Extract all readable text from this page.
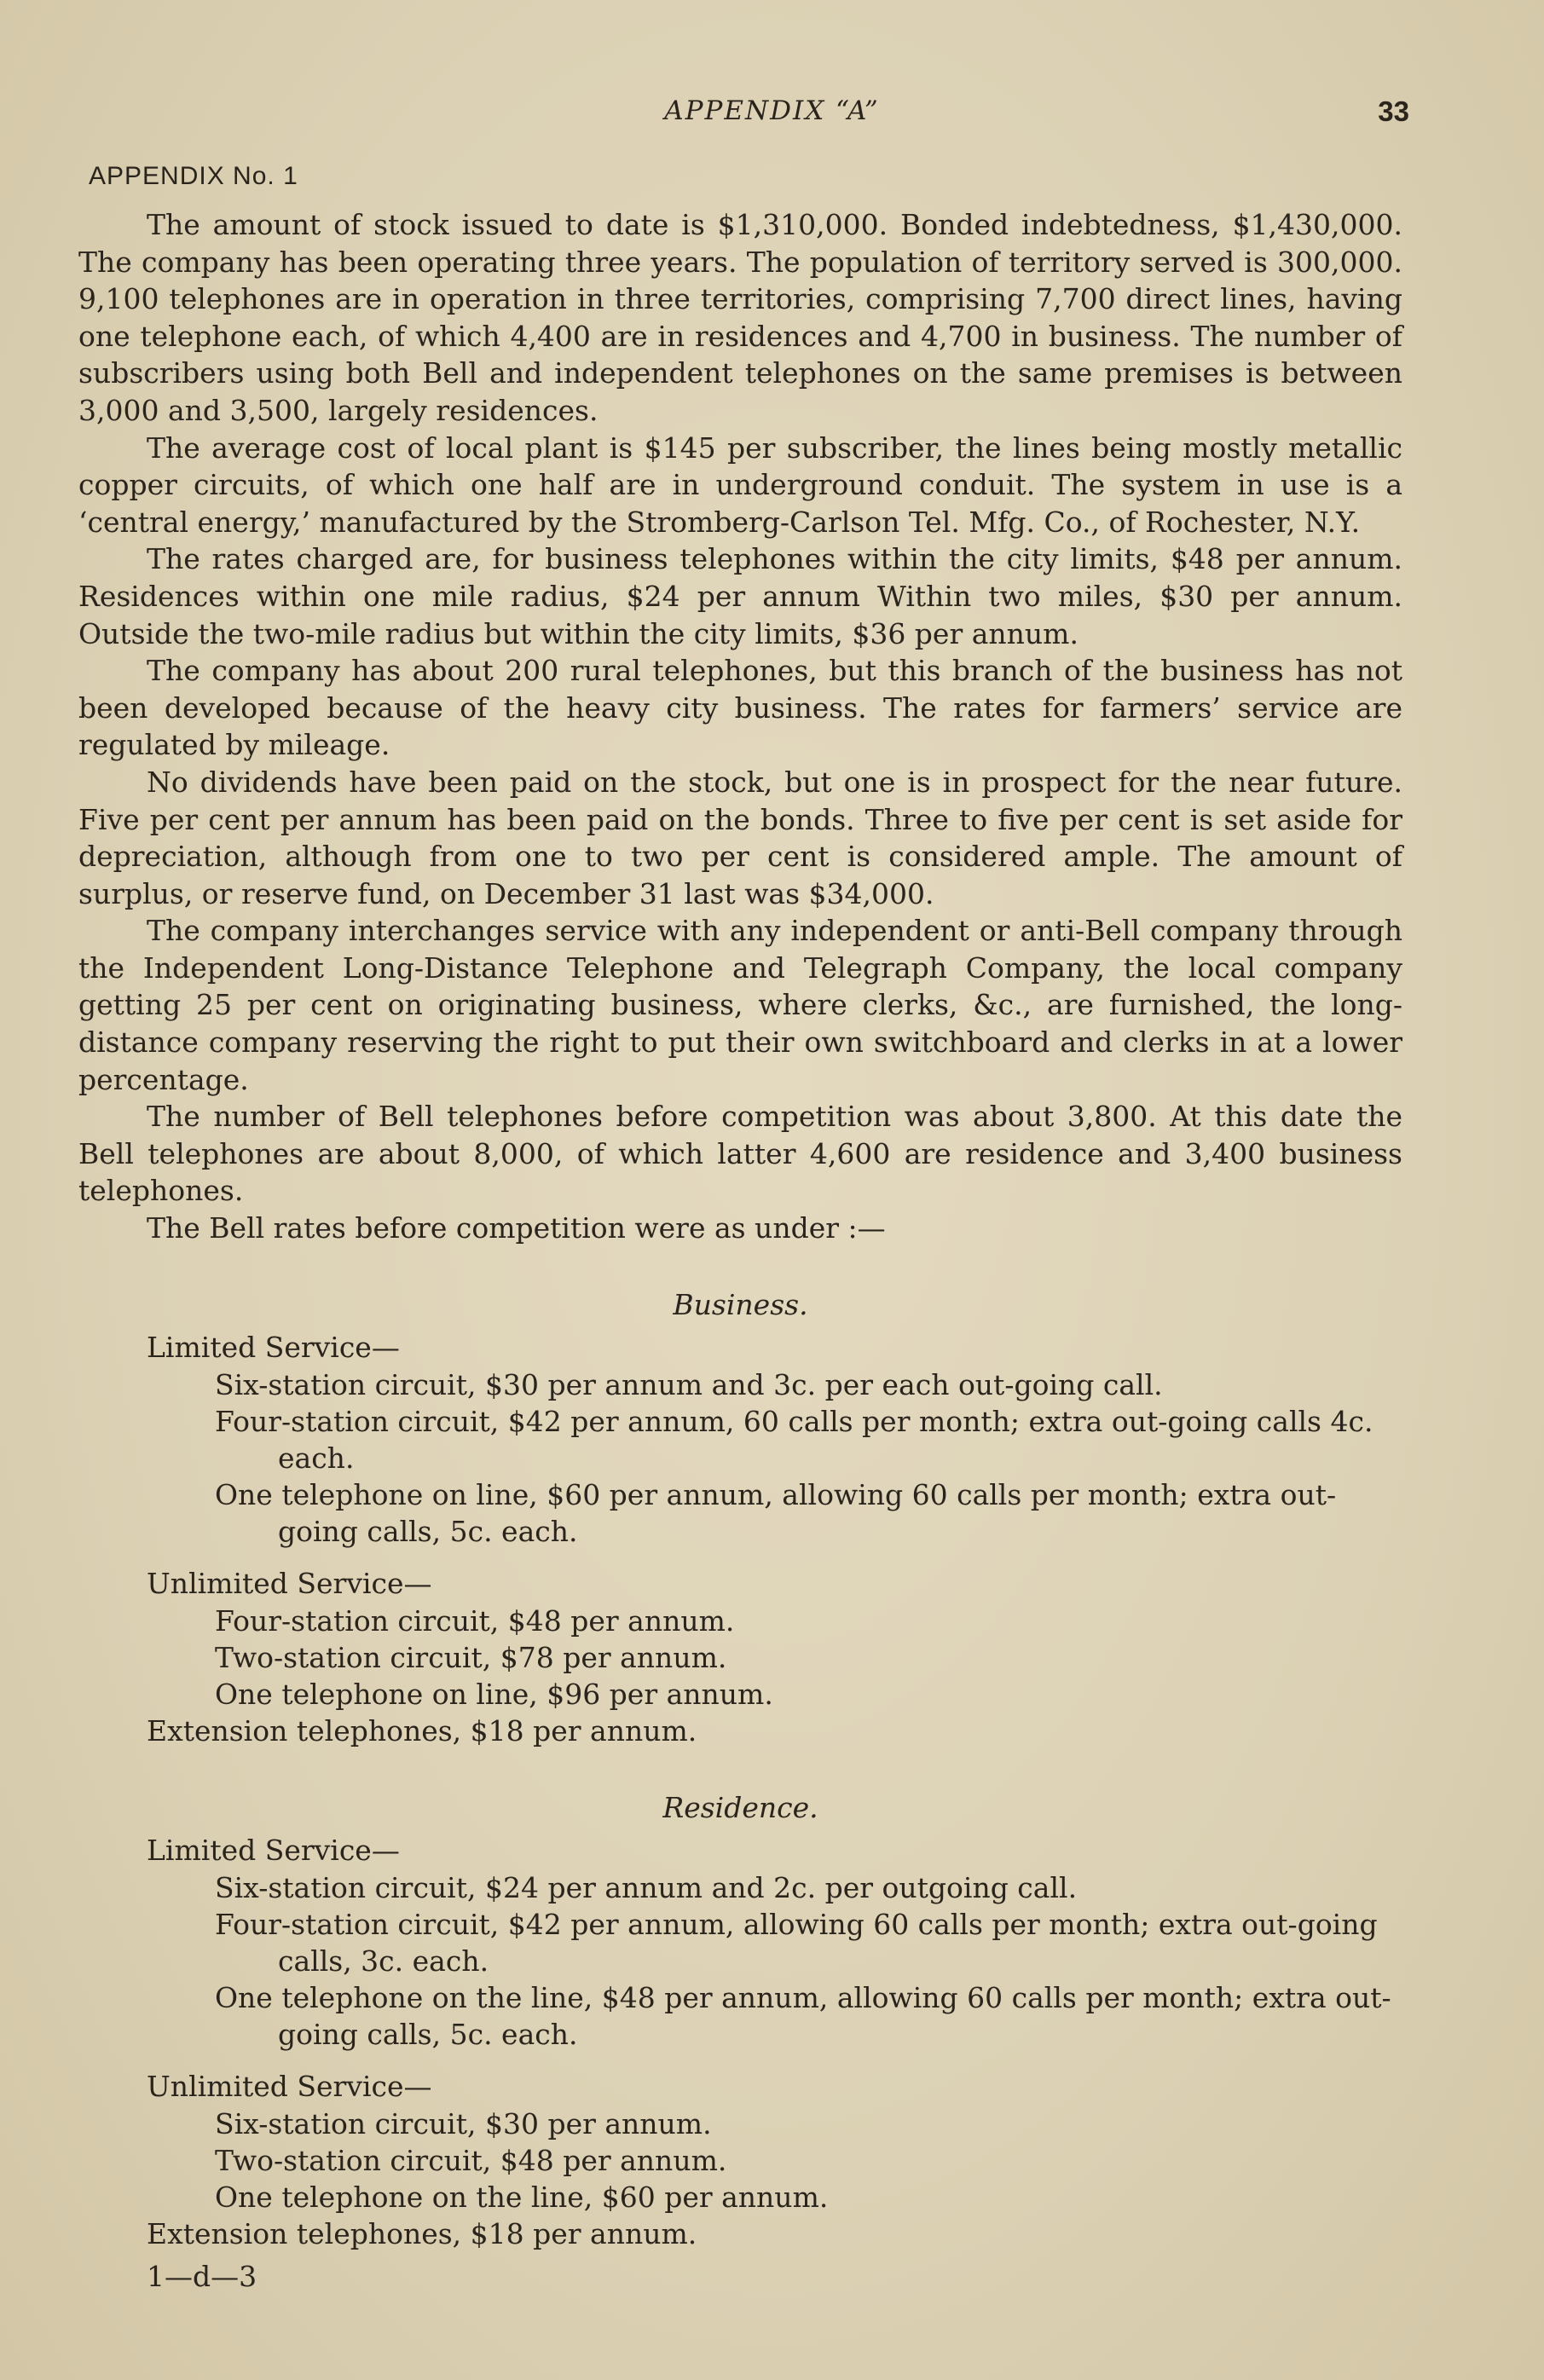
APPENDIX “A”	33
APPENDIX No. 1

The amount of stock issued to date is $1,310,000. Bonded indebtedness, $1,430,000. The company has been operating three years. The population of territory served is 300,000. 9,100 telephones are in operation in three territories, comprising 7,700 direct lines, having one telephone each, of which 4,400 are in residences and 4,700 in business. The number of subscribers using both Bell and independent telephones on the same premises is between 3,000 and 3,500, largely residences.

The average cost of local plant is $145 per subscriber, the lines being mostly metallic copper circuits, of which one half are in underground conduit. The system in use is a ‘central energy,’ manufactured by the Stromberg-Carlson Tel. Mfg. Co., of Rochester, N.Y.

The rates charged are, for business telephones within the city limits, $48 per annum. Residences within one mile radius, $24 per annum Within two miles, $30 per annum. Outside the two-mile radius but within the city limits, $36 per annum.

The company has about 200 rural telephones, but this branch of the business has not been developed because of the heavy city business. The rates for farmers’ service are regulated by mileage.

No dividends have been paid on the stock, but one is in prospect for the near future. Five per cent per annum has been paid on the bonds. Three to five per cent is set aside for depreciation, although from one to two per cent is considered ample. The amount of surplus, or reserve fund, on December 31 last was $34,000.

The company interchanges service with any independent or anti-Bell company through the Independent Long-Distance Telephone and Telegraph Company, the local company getting 25 per cent on originating business, where clerks, &c., are furnished, the long-distance company reserving the right to put their own switchboard and clerks in at a lower percentage.

The number of Bell telephones before competition was about 3,800. At this date the Bell telephones are about 8,000, of which latter 4,600 are residence and 3,400 business telephones.

The Bell rates before competition were as under :—

Business.
Limited Service—
Six-station circuit, $30 per annum and 3c. per each out-going call.
Four-station circuit, $42 per annum, 60 calls per month; extra out-going calls 4c. each.
One telephone on line, $60 per annum, allowing 60 calls per month; extra out-going calls, 5c. each.
Unlimited Service—
Four-station circuit, $48 per annum.
Two-station circuit, $78 per annum.
One telephone on line, $96 per annum.
Extension telephones, $18 per annum.
Residence.
Limited Service—
Six-station circuit, $24 per annum and 2c. per outgoing call.
Four-station circuit, $42 per annum, allowing 60 calls per month; extra out-going calls, 3c. each.
One telephone on the line, $48 per annum, allowing 60 calls per month; extra out-going calls, 5c. each.
Unlimited Service—
Six-station circuit, $30 per annum.
Two-station circuit, $48 per annum.
One telephone on the line, $60 per annum.
Extension telephones, $18 per annum.
1—d—3
